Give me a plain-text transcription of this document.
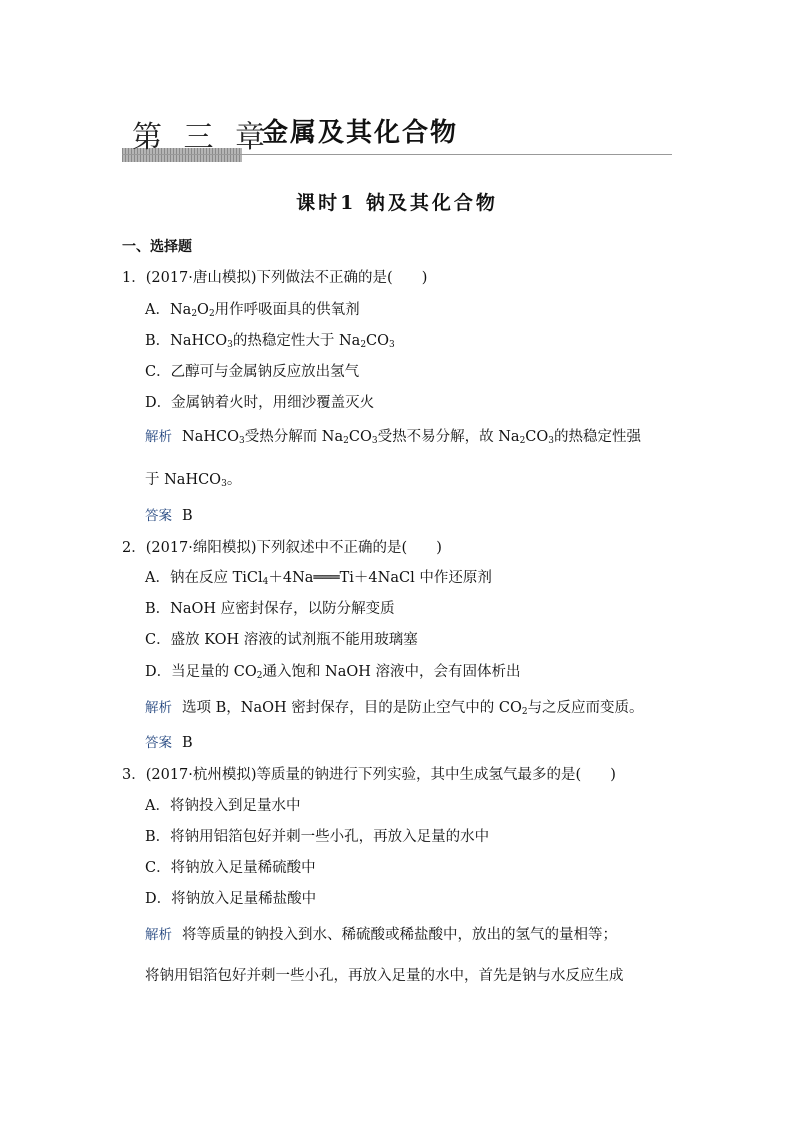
第 三 章
金属及其化合物
课时1 钠及其化合物
一、选择题
1．(2017·唐山模拟)下列做法不正确的是(　　)
A．$Na_2O_2$用作呼吸面具的供氧剂
B．NaHCO$_3$的热稳定性大于 $Na_2CO_3$
C．乙醇可与金属钠反应放出氢气
D．金属钠着火时，用细沙覆盖灭火
解析 NaHCO$_3$受热分解而 $Na_2CO_3$受热不易分解，故 $Na_2CO_3$的热稳定性强
于 NaHCO$_3$。
答案 B
2．(2017·绵阳模拟)下列叙述中不正确的是(　　)
A．钠在反应 TiCl$_4$＋4Na═══Ti＋4NaCl 中作还原剂
B．NaOH 应密封保存，以防分解变质
C．盛放 KOH 溶液的试剂瓶不能用玻璃塞
D．当足量的 $CO_2$通入饱和 NaOH 溶液中，会有固体析出
解析 选项 B，NaOH 密封保存，目的是防止空气中的 $CO_2$与之反应而变质。
答案 B
3．(2017·杭州模拟)等质量的钠进行下列实验，其中生成氢气最多的是(　　)
A．将钠投入到足量水中
B．将钠用铝箔包好并刺一些小孔，再放入足量的水中
C．将钠放入足量稀硫酸中
D．将钠放入足量稀盐酸中
解析 将等质量的钠投入到水、稀硫酸或稀盐酸中，放出的氢气的量相等；
将钠用铝箔包好并刺一些小孔，再放入足量的水中，首先是钠与水反应生成
